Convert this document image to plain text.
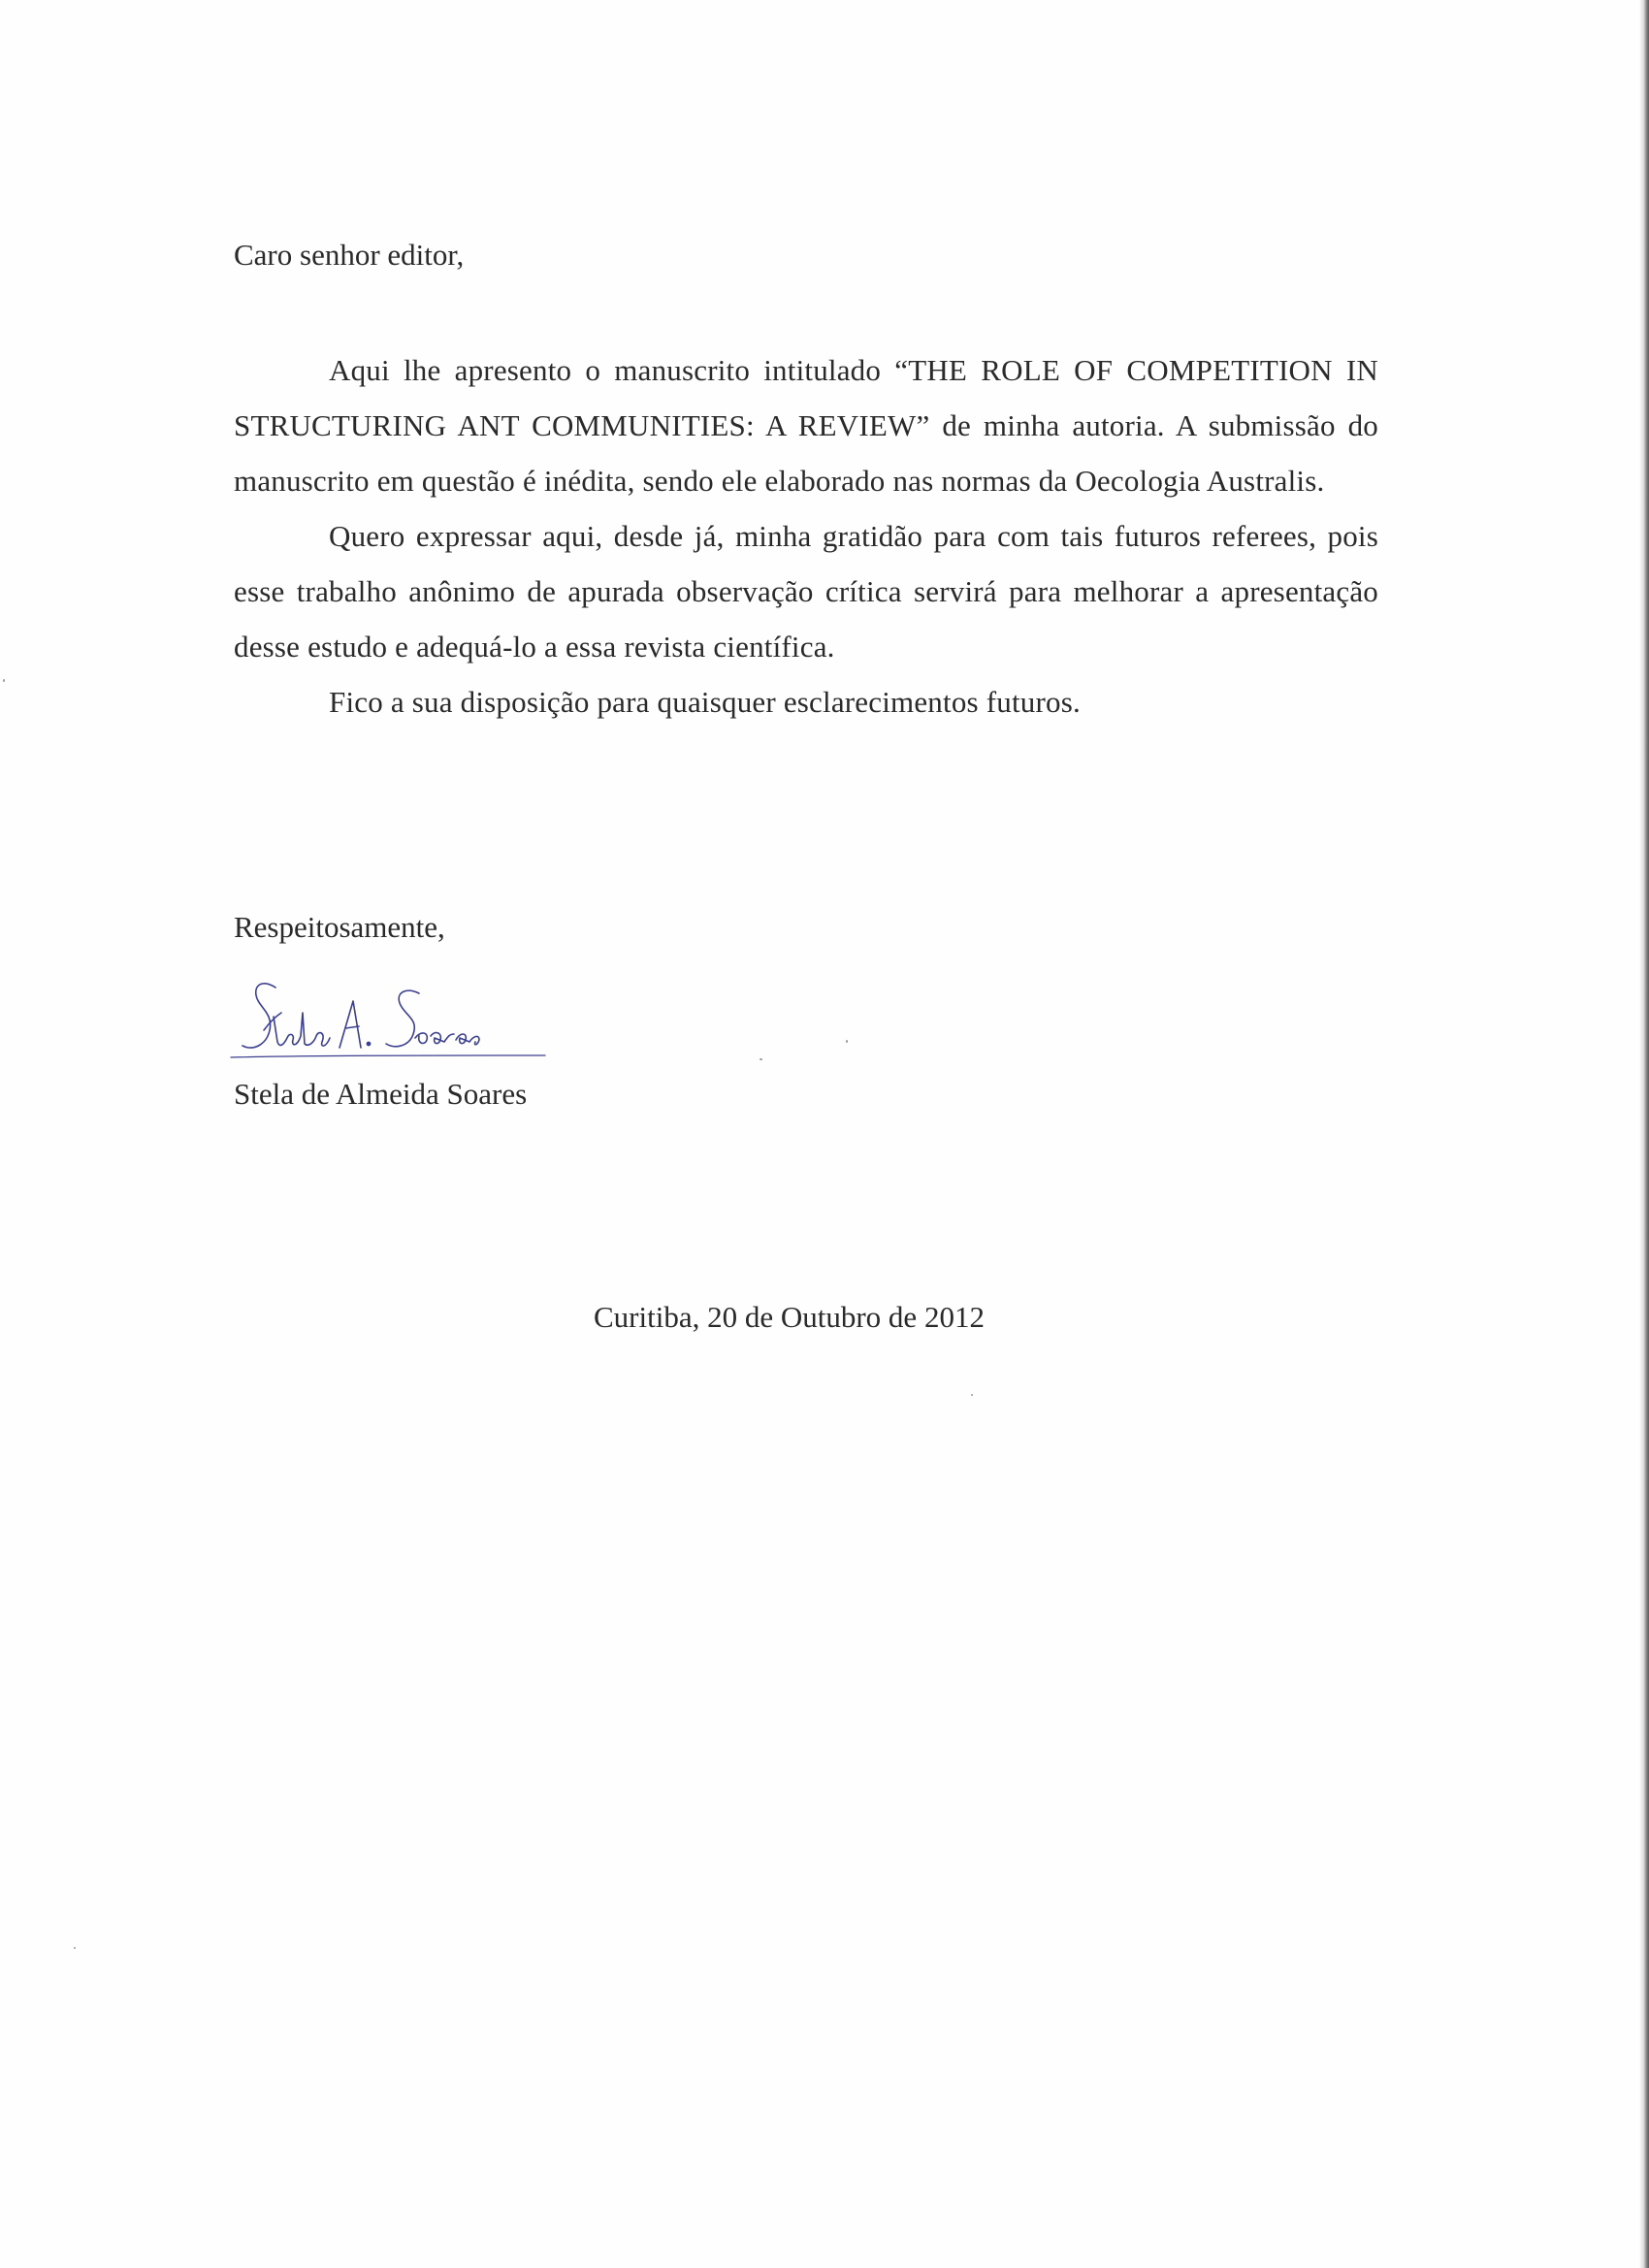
Caro senhor editor,

Aqui lhe apresento o manuscrito intitulado “THE ROLE OF COMPETITION IN STRUCTURING ANT COMMUNITIES: A REVIEW” de minha autoria. A submissão do manuscrito em questão é inédita, sendo ele elaborado nas normas da Oecologia Australis.

Quero expressar aqui, desde já, minha gratidão para com tais futuros referees, pois esse trabalho anônimo de apurada observação crítica servirá para melhorar a apresentação desse estudo e adequá-lo a essa revista científica.

Fico a sua disposição para quaisquer esclarecimentos futuros.

Respeitosamente,
Stela de Almeida Soares
Curitiba, 20 de Outubro de 2012
